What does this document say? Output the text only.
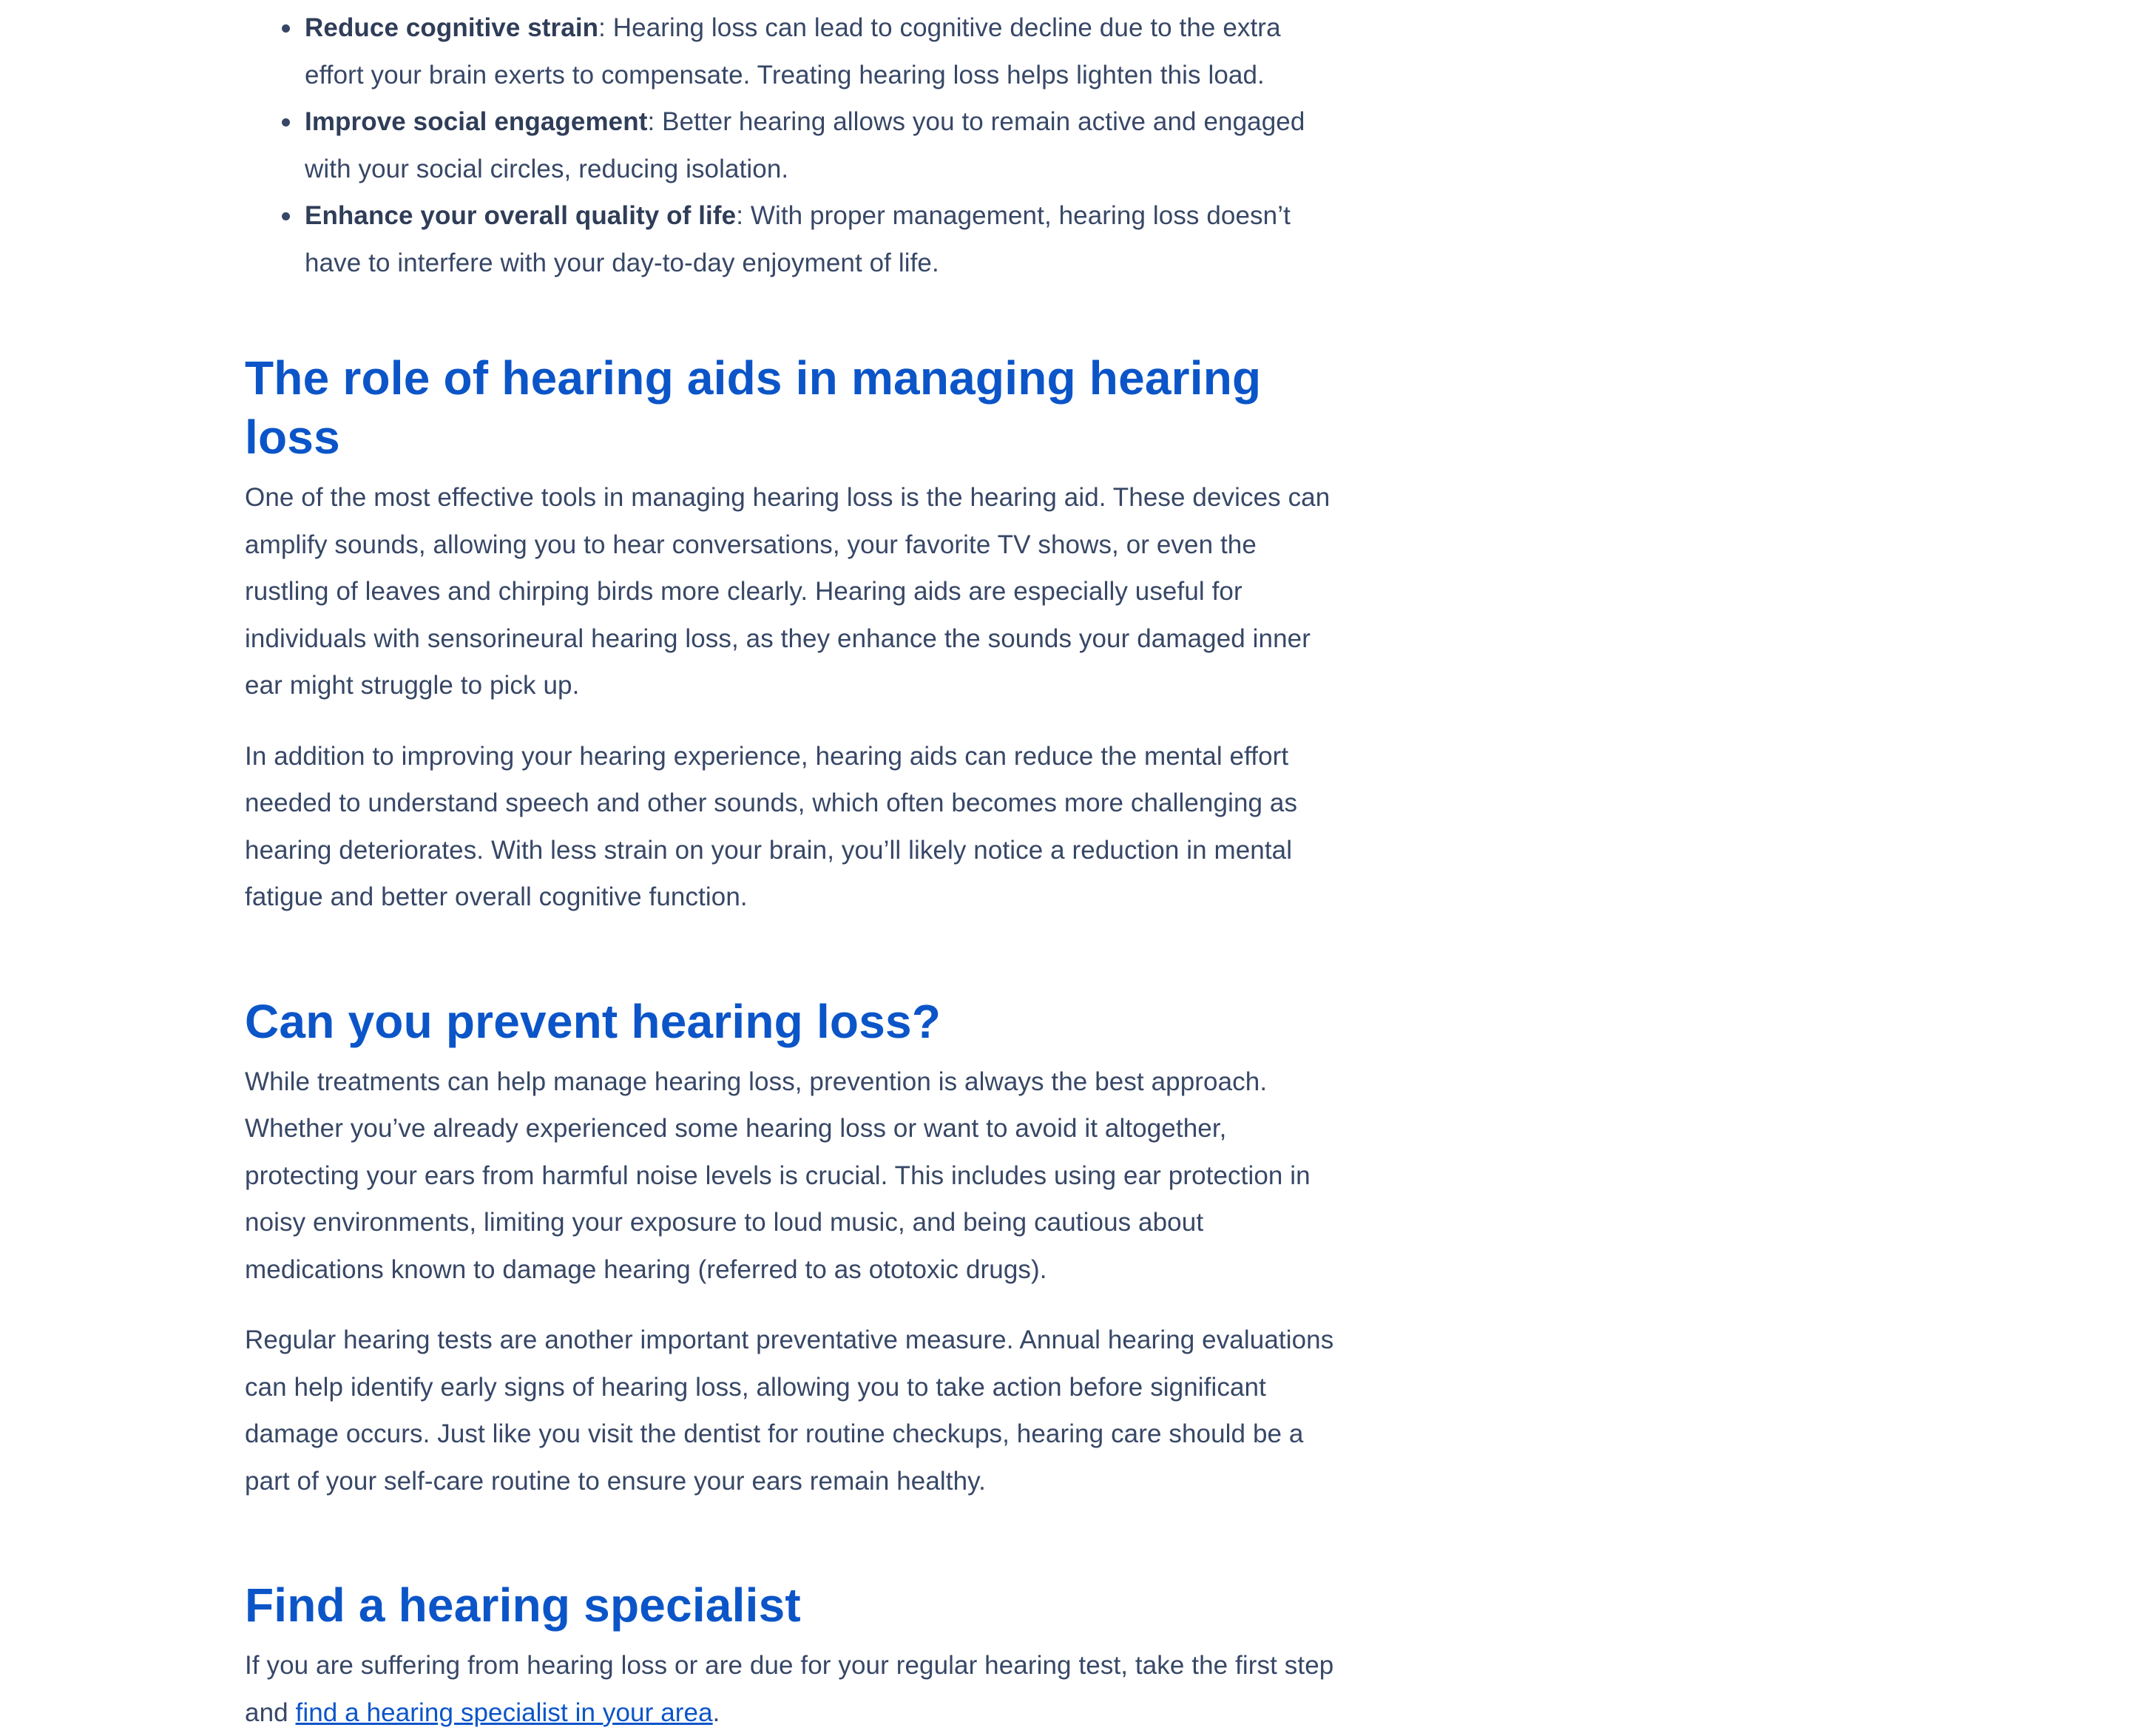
Reduce cognitive strain: Hearing loss can lead to cognitive decline due to the extra effort your brain exerts to compensate. Treating hearing loss helps lighten this load.
Improve social engagement: Better hearing allows you to remain active and engaged with your social circles, reducing isolation.
Enhance your overall quality of life: With proper management, hearing loss doesn’t have to interfere with your day-to-day enjoyment of life.
The role of hearing aids in managing hearing loss

One of the most effective tools in managing hearing loss is the hearing aid. These devices can amplify sounds, allowing you to hear conversations, your favorite TV shows, or even the rustling of leaves and chirping birds more clearly. Hearing aids are especially useful for individuals with sensorineural hearing loss, as they enhance the sounds your damaged inner ear might struggle to pick up.

In addition to improving your hearing experience, hearing aids can reduce the mental effort needed to understand speech and other sounds, which often becomes more challenging as hearing deteriorates. With less strain on your brain, you’ll likely notice a reduction in mental fatigue and better overall cognitive function.

Can you prevent hearing loss?

While treatments can help manage hearing loss, prevention is always the best approach. Whether you’ve already experienced some hearing loss or want to avoid it altogether, protecting your ears from harmful noise levels is crucial. This includes using ear protection in noisy environments, limiting your exposure to loud music, and being cautious about medications known to damage hearing (referred to as ototoxic drugs).

Regular hearing tests are another important preventative measure. Annual hearing evaluations can help identify early signs of hearing loss, allowing you to take action before significant damage occurs. Just like you visit the dentist for routine checkups, hearing care should be a part of your self-care routine to ensure your ears remain healthy.

Find a hearing specialist

If you are suffering from hearing loss or are due for your regular hearing test, take the first step and find a hearing specialist in your area.
